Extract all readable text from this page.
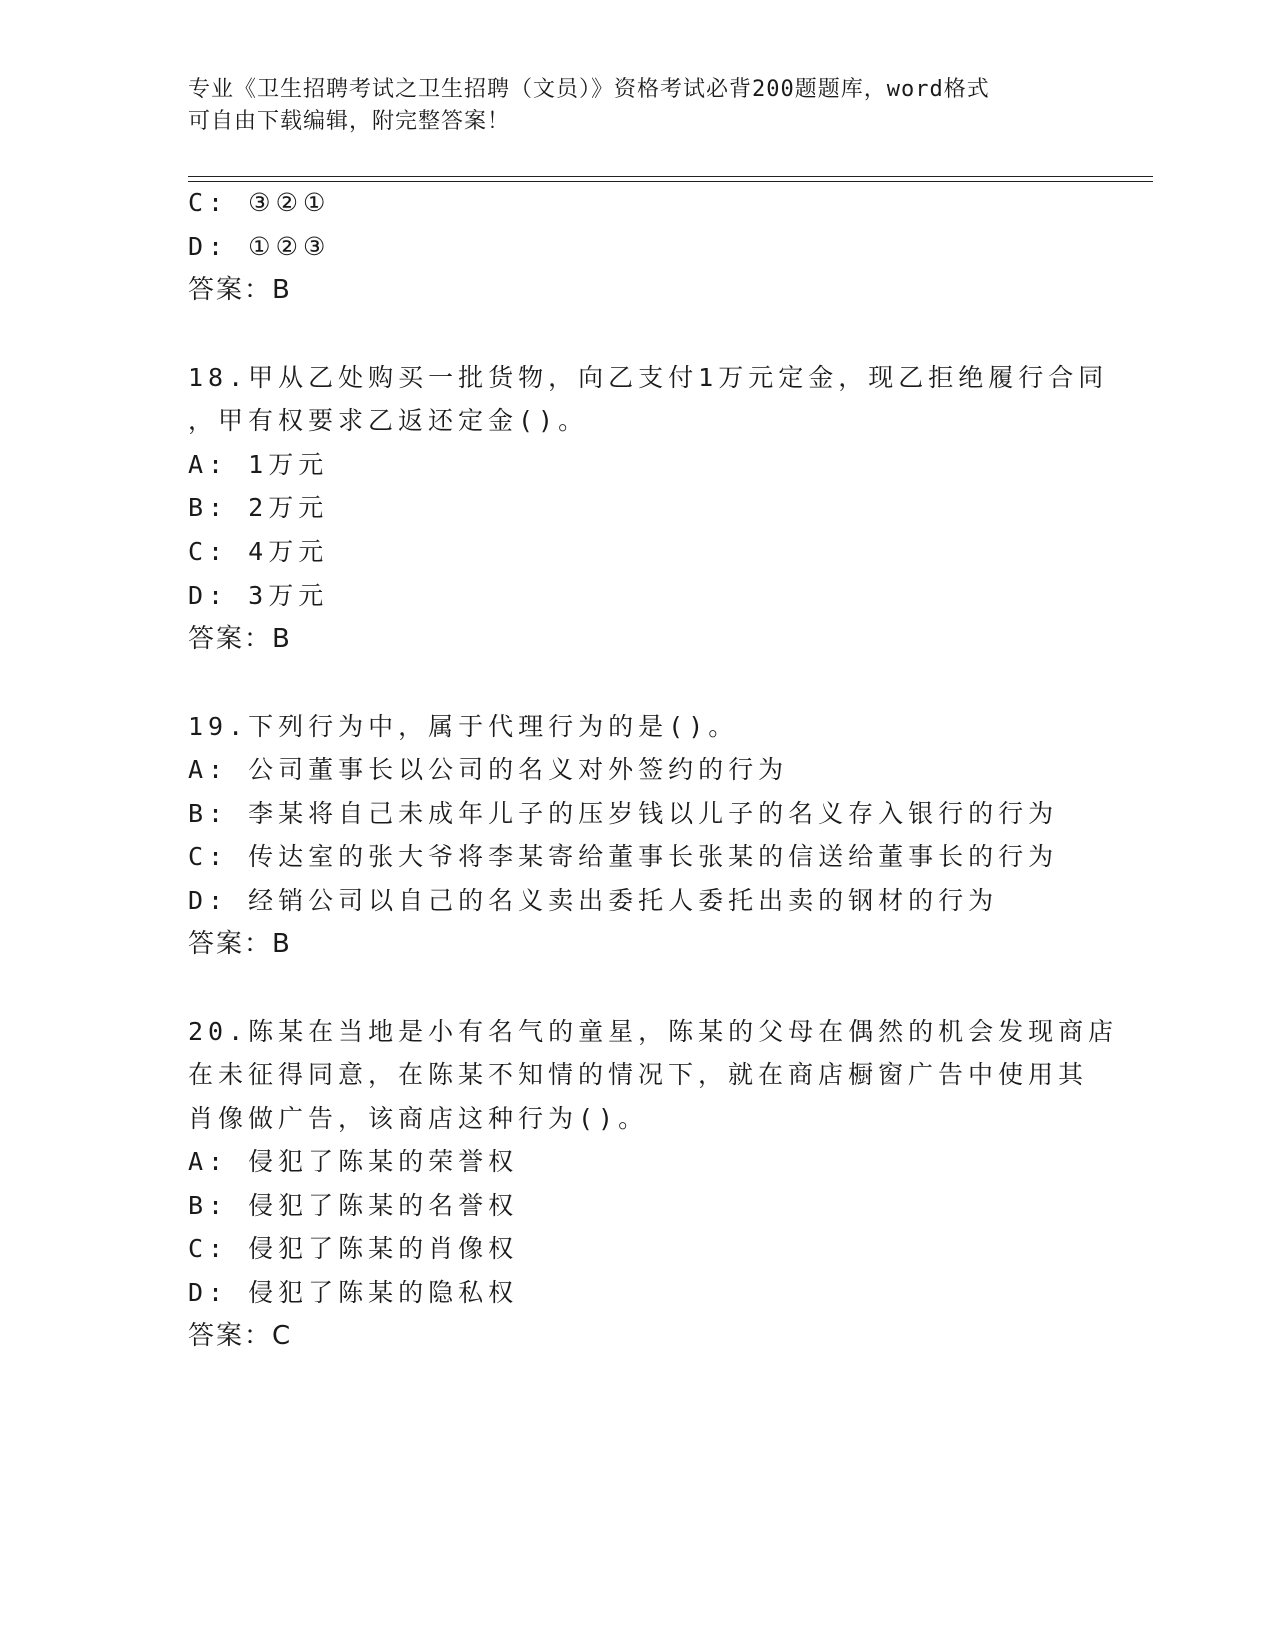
专业《卫生招聘考试之卫生招聘（文员）》资格考试必背200题题库，word格式
可自由下载编辑，附完整答案！
C: ③②①
D: ①②③
答案：B
18.甲从乙处购买一批货物，向乙支付1万元定金，现乙拒绝履行合同
，甲有权要求乙返还定金()。
A: 1万元
B: 2万元
C: 4万元
D: 3万元
答案：B
19.下列行为中，属于代理行为的是()。
A: 公司董事长以公司的名义对外签约的行为
B: 李某将自己未成年儿子的压岁钱以儿子的名义存入银行的行为
C: 传达室的张大爷将李某寄给董事长张某的信送给董事长的行为
D: 经销公司以自己的名义卖出委托人委托出卖的钢材的行为
答案：B
20.陈某在当地是小有名气的童星，陈某的父母在偶然的机会发现商店
在未征得同意，在陈某不知情的情况下，就在商店橱窗广告中使用其
肖像做广告，该商店这种行为()。
A: 侵犯了陈某的荣誉权
B: 侵犯了陈某的名誉权
C: 侵犯了陈某的肖像权
D: 侵犯了陈某的隐私权
答案：C
